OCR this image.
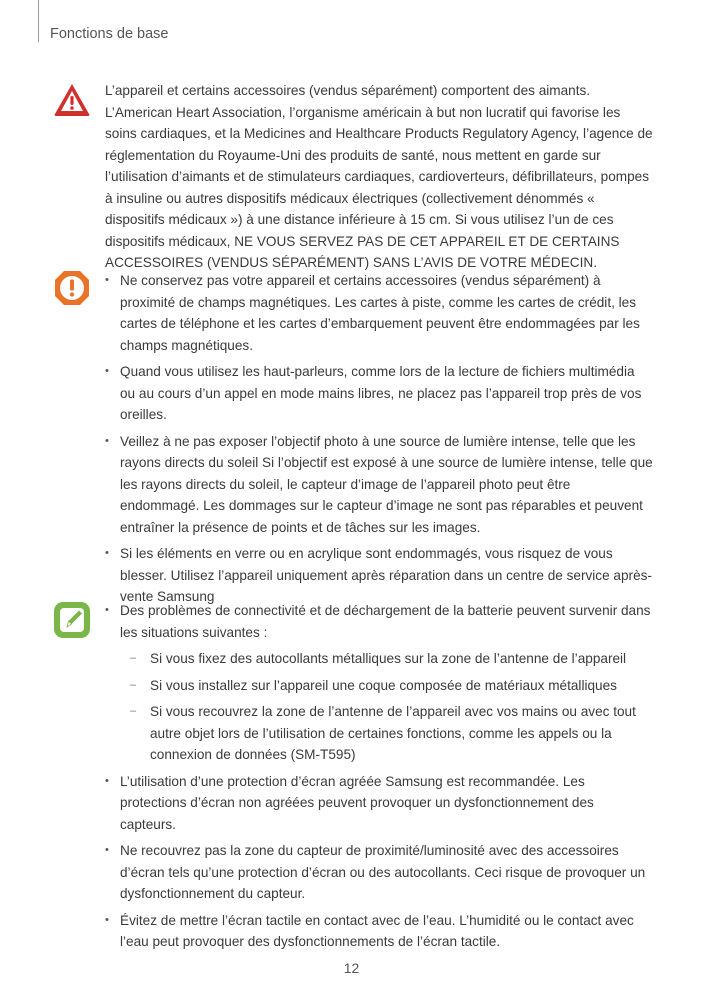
Fonctions de base

L’appareil et certains accessoires (vendus séparément) comportent des aimants. L’American Heart Association, l’organisme américain à but non lucratif qui favorise les soins cardiaques, et la Medicines and Healthcare Products Regulatory Agency, l’agence de réglementation du Royaume-Uni des produits de santé, nous mettent en garde sur l’utilisation d’aimants et de stimulateurs cardiaques, cardioverteurs, défibrillateurs, pompes à insuline ou autres dispositifs médicaux électriques (collectivement dénommés « dispositifs médicaux ») à une distance inférieure à 15 cm. Si vous utilisez l’un de ces dispositifs médicaux, NE VOUS SERVEZ PAS DE CET APPAREIL ET DE CERTAINS ACCESSOIRES (VENDUS SÉPARÉMENT) SANS L’AVIS DE VOTRE MÉDECIN.

• Ne conservez pas votre appareil et certains accessoires (vendus séparément) à proximité de champs magnétiques. Les cartes à piste, comme les cartes de crédit, les cartes de téléphone et les cartes d’embarquement peuvent être endommagées par les champs magnétiques.

• Quand vous utilisez les haut-parleurs, comme lors de la lecture de fichiers multimédia ou au cours d’un appel en mode mains libres, ne placez pas l’appareil trop près de vos oreilles.

• Veillez à ne pas exposer l’objectif photo à une source de lumière intense, telle que les rayons directs du soleil Si l’objectif est exposé à une source de lumière intense, telle que les rayons directs du soleil, le capteur d’image de l’appareil photo peut être endommagé. Les dommages sur le capteur d’image ne sont pas réparables et peuvent entraîner la présence de points et de tâches sur les images.

• Si les éléments en verre ou en acrylique sont endommagés, vous risquez de vous blesser. Utilisez l’appareil uniquement après réparation dans un centre de service après-vente Samsung

• Des problèmes de connectivité et de déchargement de la batterie peuvent survenir dans les situations suivantes :

– Si vous fixez des autocollants métalliques sur la zone de l’antenne de l’appareil

– Si vous installez sur l’appareil une coque composée de matériaux métalliques

– Si vous recouvrez la zone de l’antenne de l’appareil avec vos mains ou avec tout autre objet lors de l’utilisation de certaines fonctions, comme les appels ou la connexion de données (SM-T595)

• L’utilisation d’une protection d’écran agréée Samsung est recommandée. Les protections d’écran non agréées peuvent provoquer un dysfonctionnement des capteurs.

• Ne recouvrez pas la zone du capteur de proximité/luminosité avec des accessoires d’écran tels qu’une protection d’écran ou des autocollants. Ceci risque de provoquer un dysfonctionnement du capteur.

• Évitez de mettre l’écran tactile en contact avec de l’eau. L’humidité ou le contact avec l’eau peut provoquer des dysfonctionnements de l’écran tactile.

12
